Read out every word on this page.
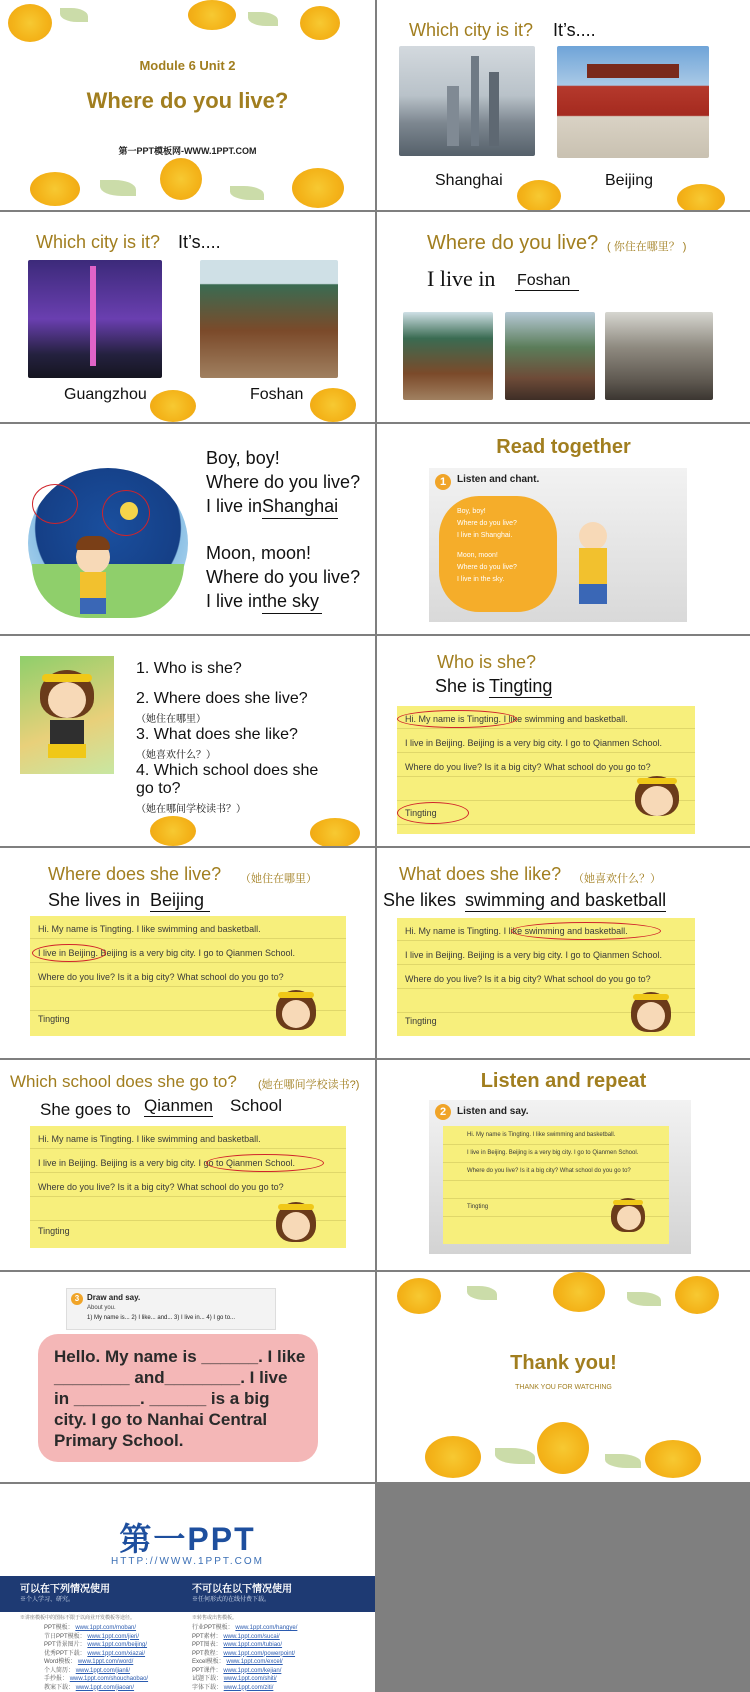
Module 6 Unit 2
Where do you live?
第一PPT模板网-WWW.1PPT.COM
Which city is it? It’s....
Shanghai	Beijing
Which city is it? It’s....
Guangzhou	Foshan
Where do you live? ( 你住在哪里？ )
I live in Foshan
Boy, boy!
Where do you live?
I live inShanghai
Moon, moon!
Where do you live?
I live inthe sky
Read together
1	Listen and chant.
Boy, boy!
Where do you live?
I live in Shanghai.
Moon, moon!
Where do you live?
I live in the sky.
1. Who is she?
2. Where does she live?
（她住在哪里）
3. What does she like?
（她喜欢什么？）
4. Which school does she
go to?
（她在哪间学校读书？）
Who is she?
She is Tingting
Hi. My name is Tingting. I like swimming and basketball.
I live in Beijing. Beijing is a very big city. I go to Qianmen School.
Where do you live? Is it a big city? What school do you go to?
Tingting
Where does she live? （她住在哪里）
She lives in Beijing
Hi. My name is Tingting. I like swimming and basketball.
I live in Beijing. Beijing is a very big city. I go to Qianmen School.
Where do you live? Is it a big city? What school do you go to?
Tingting
What does she like? （她喜欢什么？）
She likes swimming and basketball
Hi. My name is Tingting. I like swimming and basketball.
I live in Beijing. Beijing is a very big city. I go to Qianmen School.
Where do you live? Is it a big city? What school do you go to?
Tingting
Which school does she go to? (她在哪间学校读书?)
She goes to Qianmen School
Hi. My name is Tingting. I like swimming and basketball.
I live in Beijing. Beijing is a very big city. I go to Qianmen School.
Where do you live? Is it a big city? What school do you go to?
Tingting
Listen and repeat
2	Listen and say.
Hi. My name is Tingting. I like swimming and basketball.
I live in Beijing. Beijing is a very big city. I go to Qianmen School.
Where do you live? Is it a big city? What school do you go to?
Tingting
3 Draw and say.
About you.
1) My name is... 2) I like... and... 3) I live in... 4) I go to...
Hello. My name is ______. I like ________ and________. I live in _______. ______ is a big city. I go to Nanhai Central Primary School.
Thank you!
THANK YOU FOR WATCHING
第一PPT
HTTP://WWW.1PPT.COM
可以在下列情况使用
※个人学习、研究。
不可以在以下情况使用
※任何形式的在线付费下载。
※讲座模板中的图标不限于以商业开发模板等途径。	※转售或出售模板。
PPT模板： www.1ppt.com/moban/
节日PPT模板： www.1ppt.com/jieri/
PPT背景图片： www.1ppt.com/beijing/
优秀PPT下载： www.1ppt.com/xiazai/
Word模板： www.1ppt.com/word/
个人简历： www.1ppt.com/jianli/
手抄报： www.1ppt.com/shouchaobao/
教案下载： www.1ppt.com/jiaoan/
行业PPT模板： www.1ppt.com/hangye/
PPT素材： www.1ppt.com/sucai/
PPT图表： www.1ppt.com/tubiao/
PPT教程： www.1ppt.com/powerpoint/
Excel模板： www.1ppt.com/excel/
PPT课件： www.1ppt.com/kejian/
试题下载： www.1ppt.com/shiti/
字体下载： www.1ppt.com/ziti/
